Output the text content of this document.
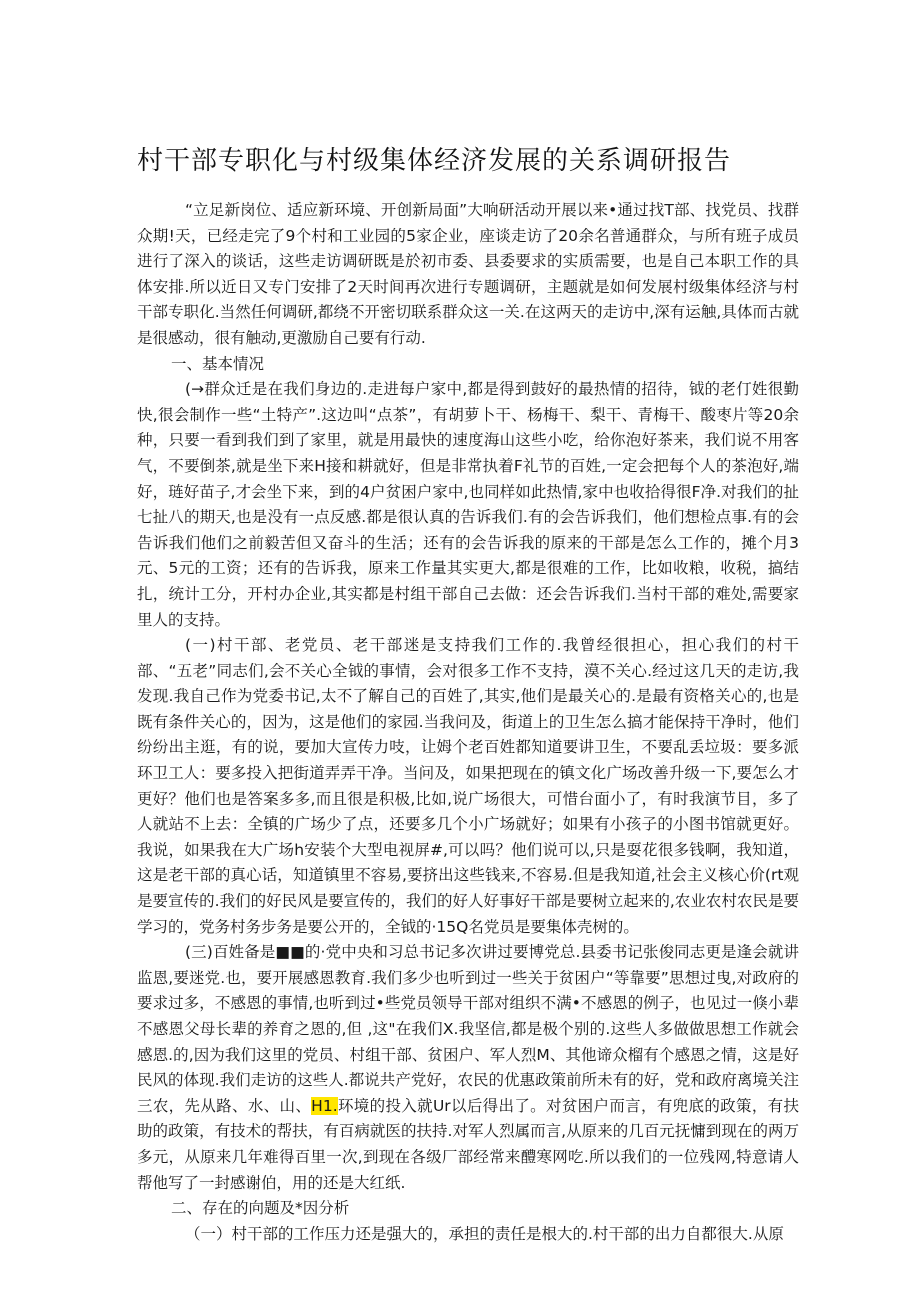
村干部专职化与村级集体经济发展的关系调研报告

“立足新岗位、适应新环境、开创新局面”大响研活动开展以来•通过找T部、找党员、找群众期!天，已经走完了9个村和工业园的5家企业，座谈走访了20余名普通群众，与所有班子成员进行了深入的谈话，这些走访调研既是於初市委、县委要求的实质需要，也是自己本职工作的具体安排.所以近日又专门安排了2天时间再次进行专题调研，主题就是如何发展村级集体经济与村干部专职化.当然任何调研,都绕不开密切联系群众这一关.在这两天的走访中,深有运触,具体而古就是很感动，很有触动,更激励自己要有行动.

一、基本情况

(→群众迁是在我们身边的.走进每户家中,都是得到鼓好的最热情的招待，钺的老仃姓很勤快,很会制作一些“土特产”.这边叫“点茶”，有胡萝卜干、杨梅干、梨干、青梅干、酸枣片等20余种，只要一看到我们到了家里，就是用最快的速度海山这些小吃，给你泡好茶来，我们说不用客气，不要倒茶,就是坐下来H接和耕就好，但是非常执着F礼节的百姓,一定会把每个人的茶泡好,端好，琏好苗子,才会坐下来，到的4户贫困户家中,也同样如此热情,家中也收拾得很F净.对我们的扯七扯八的期天,也是没有一点反感.都是很认真的告诉我们.有的会告诉我们，他们想检点事.有的会告诉我们他们之前毅苦但又奋斗的生活；还有的会告诉我的原来的干部是怎么工作的，摊个月3元、5元的工资；还有的告诉我，原来工作量其实更大,都是很难的工作，比如收粮，收税，搞结扎，统计工分，开村办企业,其实都是村组干部自己去做：还会告诉我们.当村干部的难处,需要家里人的支持。

(一)村干部、老党员、老干部迷是支持我们工作的.我曾经很担心，担心我们的村干部、“五老”同志们,会不关心全钺的事情，会对很多工作不支持，漠不关心.经过这几天的走访,我发现.我自己作为党委书记,太不了解自己的百姓了,其实,他们是最关心的.是最有资格关心的,也是既有条件关心的，因为，这是他们的家园.当我问及，街道上的卫生怎么搞才能保持干净时，他们纷纷出主逛，有的说，要加大宣传力吱，让姆个老百姓都知道要讲卫生，不要乱丢垃圾：要多派环卫工人：要多投入把街道弄弄干净。当问及，如果把现在的镇文化广场改善升级一下,要怎么才更好？他们也是答案多多,而且很是积极,比如,说广场很大，可惜台面小了，有时我演节目，多了人就站不上去：全镇的广场少了点，还要多几个小广场就好；如果有小孩子的小图书馆就更好。我说，如果我在大广场h安装个大型电视屏#,可以吗？他们说可以,只是耍花很多钱啊，我知道，这是老干部的真心话，知道镇里不容易,要挤出这些钱来,不容易.但是我知道,社会主义核心价(rt观是要宣传的.我们的好民风是要宣传的，我们的好人好事好干部是要树立起来的,农业农村农民是要学习的，党务村务步务是要公开的，全钺的·15Q名党员是要集体壳树的。

(三)百姓备是■■的·党中央和习总书记多次讲过要博党总.县委书记张俊同志更是逢会就讲监恩,要迷党.也，要开展感恩教育.我们多少也听到过一些关于贫困户“等靠要”思想过曳,对政府的要求过多，不感恩的事情,也听到过•些党员领导干部对组织不满•不感恩的例子，也见过一倏小辈不感恩父母长辈的养育之恩的,但 ,这"在我们X.我坚信,都是极个别的.这些人多做做思想工作就会感恩.的,因为我们这里的党员、村组干部、贫困户、军人烈M、其他谛众榴有个感恩之情，这是好民风的体现.我们走访的这些人.都说共产党好，农民的优惠政策前所未有的好，党和政府离境关注三农，先从路、水、山、H1.环境的投入就Ur以后得出了。对贫困户而言，有兜底的政策，有扶助的政策，有技术的帮扶，有百病就医的扶持.对军人烈属而言,从原来的几百元抚慵到现在的两万多元，从原来几年难得百里一次,到现在各级厂部经常来醴寒网吃.所以我们的一位残网,特意请人帮他写了一封感谢伯，用的还是大红纸.

二、存在的向题及*因分析

（一）村干部的工作压力还是强大的，承担的责任是根大的.村干部的出力自都很大.从原
